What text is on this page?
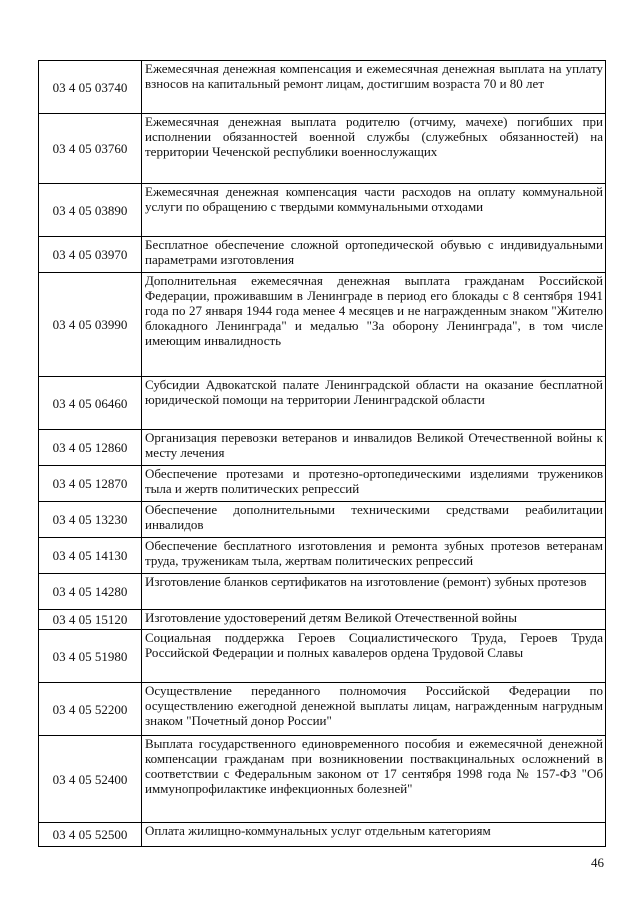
03 4 05 03740	Ежемесячная денежная компенсация и ежемесячная денежная выплата на уплату взносов на капитальный ремонт лицам, достигшим возраста 70 и 80 лет
03 4 05 03760	Ежемесячная денежная выплата родителю (отчиму, мачехе) погибших при исполнении обязанностей военной службы (служебных обязанностей) на территории Чеченской республики военнослужащих
03 4 05 03890	Ежемесячная денежная компенсация части расходов на оплату коммунальной услуги по обращению с твердыми коммунальными отходами
03 4 05 03970	Бесплатное обеспечение сложной ортопедической обувью с индивидуальными параметрами изготовления
03 4 05 03990	Дополнительная ежемесячная денежная выплата гражданам Российской Федерации, проживавшим в Ленинграде в период его блокады с 8 сентября 1941 года по 27 января 1944 года менее 4 месяцев и не награжденным знаком "Жителю блокадного Ленинграда" и медалью "За оборону Ленинграда", в том числе имеющим инвалидность
03 4 05 06460	Субсидии Адвокатской палате Ленинградской области на оказание бесплатной юридической помощи на территории Ленинградской области
03 4 05 12860	Организация перевозки ветеранов и инвалидов Великой Отечественной войны к месту лечения
03 4 05 12870	Обеспечение протезами и протезно-ортопедическими изделиями тружеников тыла и жертв политических репрессий
03 4 05 13230	Обеспечение дополнительными техническими средствами реабилитации инвалидов
03 4 05 14130	Обеспечение бесплатного изготовления и ремонта зубных протезов ветеранам труда, труженикам тыла, жертвам политических репрессий
03 4 05 14280	Изготовление бланков сертификатов на изготовление (ремонт) зубных протезов
03 4 05 15120	Изготовление удостоверений детям Великой Отечественной войны
03 4 05 51980	Социальная поддержка Героев Социалистического Труда, Героев Труда Российской Федерации и полных кавалеров ордена Трудовой Славы
03 4 05 52200	Осуществление переданного полномочия Российской Федерации по осуществлению ежегодной денежной выплаты лицам, награжденным нагрудным знаком "Почетный донор России"
03 4 05 52400	Выплата государственного единовременного пособия и ежемесячной денежной компенсации гражданам при возникновении поствакцинальных осложнений в соответствии с Федеральным законом от 17 сентября 1998 года № 157-ФЗ "Об иммунопрофилактике инфекционных болезней"
03 4 05 52500	Оплата жилищно-коммунальных услуг отдельным категориям
46
